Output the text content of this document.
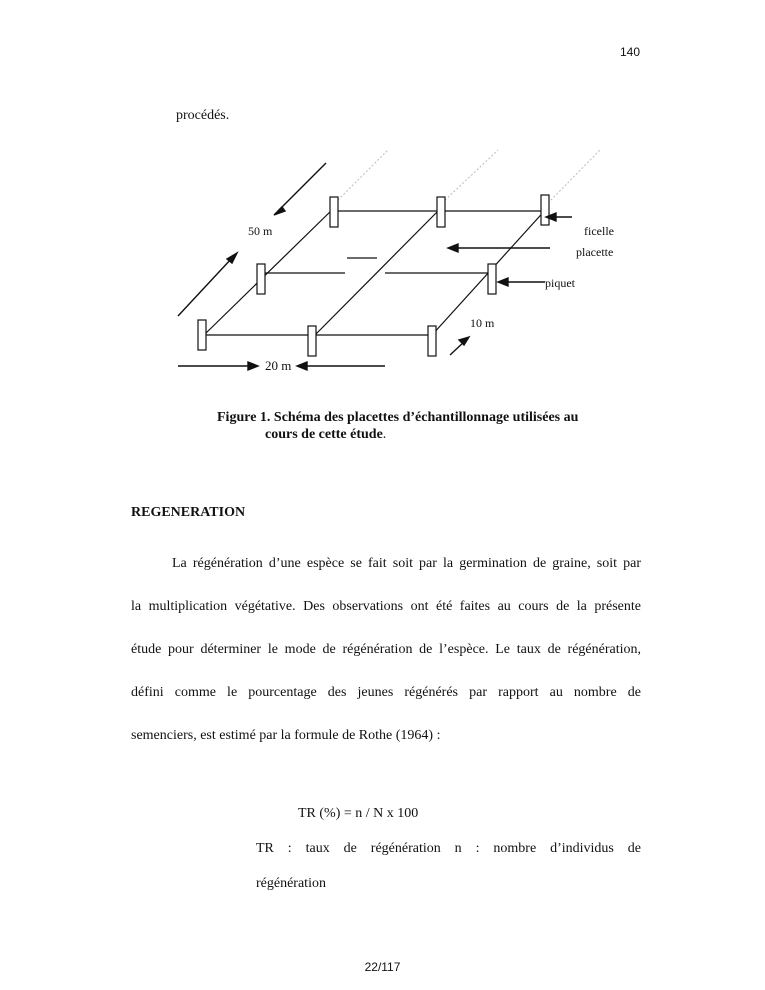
140
procédés.
50 m
20 m
10 m
ficelle
placette
piquet
Figure 1. Schéma des placettes d’échantillonnage utilisées au
cours de cette étude.
REGENERATION
La régénération d’une espèce se fait soit par la germination de graine, soit par
la multiplication végétative. Des observations ont été faites au cours de la présente
étude pour déterminer le mode de régénération de l’espèce. Le taux de régénération,
défini comme le pourcentage des jeunes régénérés par rapport au nombre de
semenciers, est estimé par la formule de Rothe (1964) :
TR (%) = n / N x 100
TR : taux de régénération n : nombre d’individus de
régénération
22/117
